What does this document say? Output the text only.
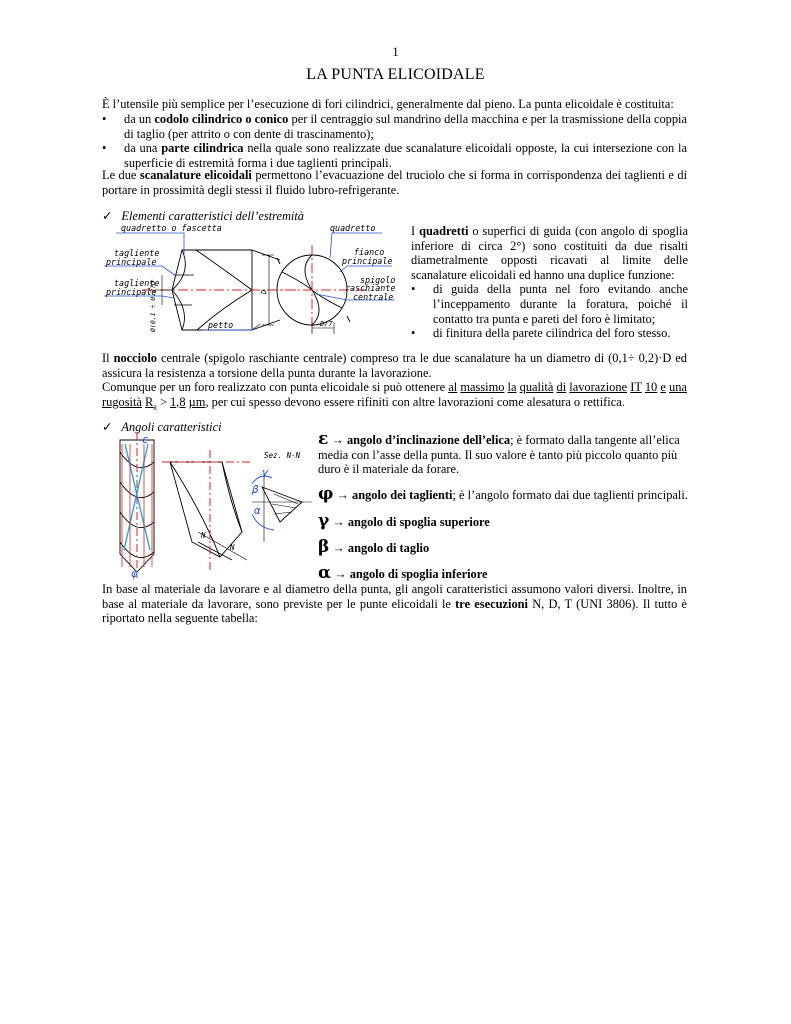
1
LA PUNTA ELICOIDALE
È l’utensile più semplice per l’esecuzione di fori cilindrici, generalmente dal pieno. La punta elicoidale è costituita:
• da un codolo cilindrico o conico per il centraggio sul mandrino della macchina e per la trasmissione della coppia di taglio (per attrito o con dente di trascinamento);
• da una parte cilindrica nella quale sono realizzate due scanalature elicoidali opposte, la cui intersezione con la superficie di estremità forma i due taglienti principali.
Le due scanalature elicoidali permettono l’evacuazione del truciolo che si forma in corrispondenza dei taglienti e di portare in prossimità degli stessi il fluido lubro-refrigerante.
✓ Elementi caratteristici dell’estremità
quadretto o fascetta
tagliente
principale
tagliente
principale
petto
quadretto
fianco
principale
spigolo
raschiante
centrale
D/7
D
Ø(0.1 ÷ 0.2)D
I quadretti o superfici di guida (con angolo di spoglia inferiore di circa 2°) sono costituiti da due risalti diametralmente opposti ricavati al limite delle scanalature elicoidali ed hanno una duplice funzione:
• di guida della punta nel foro evitando anche l’inceppamento durante la foratura, poiché il contatto tra punta e pareti del foro è limitato;
• di finitura della parete cilindrica del foro stesso.
Il nocciolo centrale (spigolo raschiante centrale) compreso tra le due scanalature ha un diametro di (0,1÷ 0,2)·D ed assicura la resistenza a torsione della punta durante la lavorazione.
Comunque per un foro realizzato con punta elicoidale si può ottenere al massimo la qualità di lavorazione IT 10 e una rugosità $R_a > 1,8$ µm, per cui spesso devono essere rifiniti con altre lavorazioni come alesatura o rettifica.
✓ Angoli caratteristici
ε
φ
γ
β
α
Sez. N-N
N
N
ε → angolo d’inclinazione dell’elica; è formato dalla tangente all’elica media con l’asse della punta. Il suo valore è tanto più piccolo quanto più duro è il materiale da forare.
φ → angolo dei taglienti; è l’angolo formato dai due taglienti principali.
γ → angolo di spoglia superiore
β → angolo di taglio
α → angolo di spoglia inferiore
In base al materiale da lavorare e al diametro della punta, gli angoli caratteristici assumono valori diversi. Inoltre, in base al materiale da lavorare, sono previste per le punte elicoidali le tre esecuzioni N, D, T (UNI 3806). Il tutto è riportato nella seguente tabella:
